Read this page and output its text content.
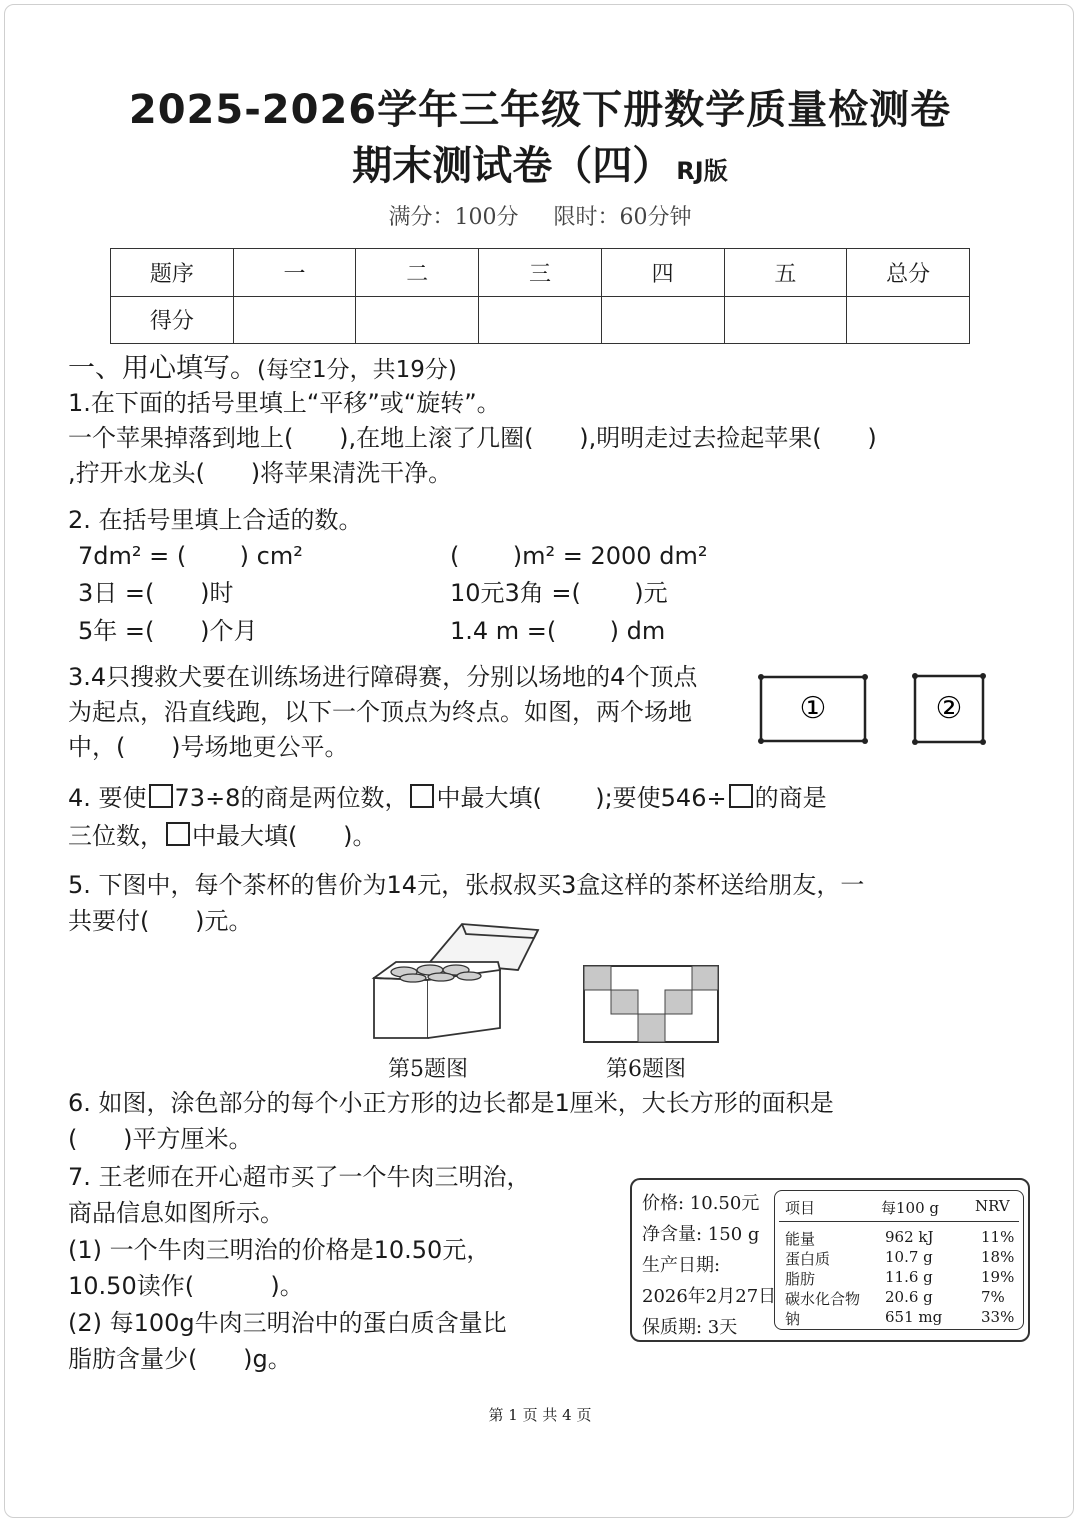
2025-2026学年三年级下册数学质量检测卷
期末测试卷（四） RJ版
满分：100分 限时：60分钟
题序	一	二	三	四	五	总分
得分						
一、用心填写。(每空1分，共19分)
1.在下面的括号里填上“平移”或“旋转”。
一个苹果掉落到地上(      ),在地上滚了几圈(      ),明明走过去捡起苹果(      )
,拧开水龙头(      )将苹果清洗干净。
2. 在括号里填上合适的数。
7dm² = (       ) cm²	(       )m² = 2000 dm²
3日 =(      )时	10元3角 =(       )元
5年 =(      )个月	1.4 m =(       ) dm
3.4只搜救犬要在训练场进行障碍赛，分别以场地的4个顶点
为起点，沿直线跑，以下一个顶点为终点。如图，两个场地
中，(      )号场地更公平。
①	②
4. 要使 73÷8的商是两位数， 中最大填(       );要使546÷ 的商是
三位数， 中最大填(      )。
5. 下图中，每个茶杯的售价为14元，张叔叔买3盒这样的茶杯送给朋友，一
共要付(      )元。
第5题图	第6题图
6. 如图，涂色部分的每个小正方形的边长都是1厘米，大长方形的面积是
(      )平方厘米。
7. 王老师在开心超市买了一个牛肉三明治，
商品信息如图所示。
(1) 一个牛肉三明治的价格是10.50元，
10.50读作(          )。
(2) 每100g牛肉三明治中的蛋白质含量比
脂肪含量少(      )g。
价格: 10.50元
净含量: 150 g
生产日期:
2026年2月27日
保质期: 3天
项目	每100 g NRV
能量	962 kJ	11%
蛋白质	10.7 g	18%
脂肪	11.6 g	19%
碳水化合物 20.6 g	7%
钠	651 mg	33%
第 1 页 共 4 页
